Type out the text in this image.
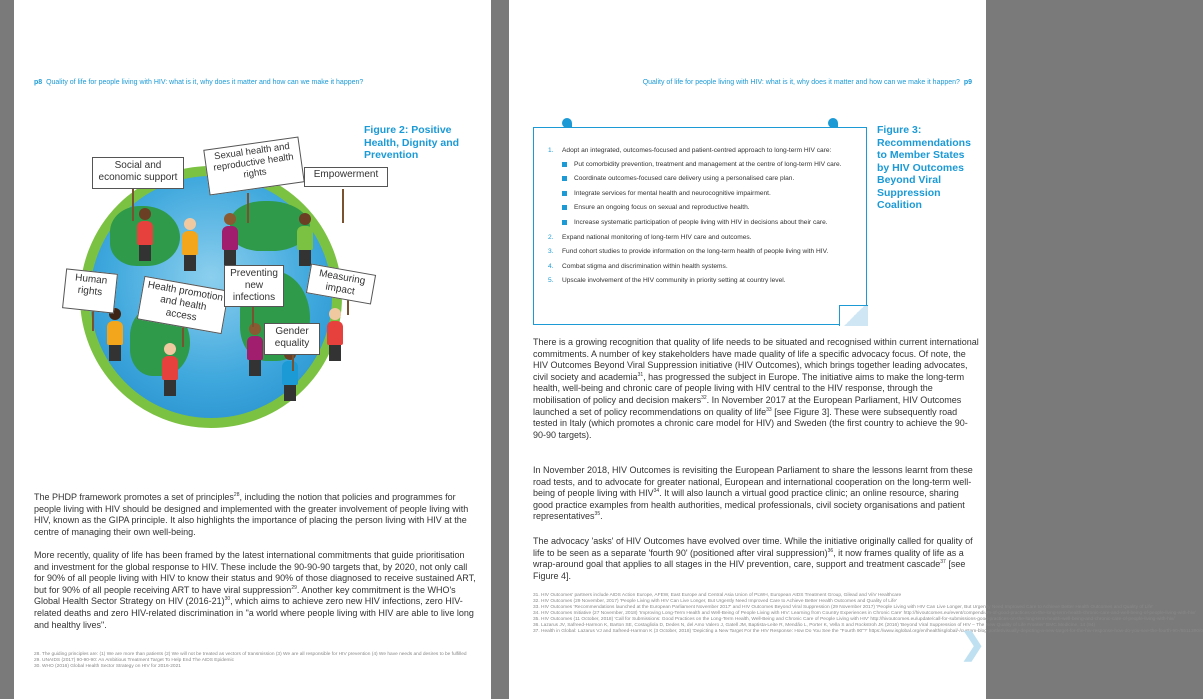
p8 Quality of life for people living with HIV: what is it, why does it matter and how can we make it happen?
Social and economic support
Sexual health and reproductive health rights	Empowerment
Human rights	Health promotion and health access
Preventing new infections
Measuring impact
Gender equality
Figure 2: Positive Health, Dignity and Prevention

The PHDP framework promotes a set of principles$^{28}$, including the notion that policies and programmes for people living with HIV should be designed and implemented with the greater involvement of people living with HIV, known as the GIPA principle. It also highlights the importance of placing the person living with HIV at the centre of managing their own well-being.

More recently, quality of life has been framed by the latest international commitments that guide prioritisation and investment for the global response to HIV. These include the 90-90-90 targets that, by 2020, not only call for 90% of all people living with HIV to know their status and 90% of those diagnosed to receive sustained ART, but for 90% of all people receiving ART to have viral suppression$^{29}$. Another key commitment is the WHO's Global Health Sector Strategy on HIV (2016-21)$^{30}$, which aims to achieve zero new HIV infections, zero HIV-related deaths and zero HIV-related discrimination in "a world where people living with HIV are able to live long and healthy lives".

28. The guiding principles are: (1) We are more than patients (2) We will not be treated as vectors of transmission (3) We are all responsible for HIV prevention (4) We have needs and desires to be fulfilled
29. UNAIDS (2017) 90-90-90: An Ambitious Treatment Target To Help End The AIDS Epidemic
30. WHO (2016) Global Health Sector Strategy on HIV for 2016-2021
Quality of life for people living with HIV: what is it, why does it matter and how can we make it happen? p9
1. Adopt an integrated, outcomes-focused and patient-centred approach to long-term HIV care:
Put comorbidity prevention, treatment and management at the centre of long-term HIV care.
Coordinate outcomes-focused care delivery using a personalised care plan.
Integrate services for mental health and neurocognitive impairment.
Ensure an ongoing focus on sexual and reproductive health.
Increase systematic participation of people living with HIV in decisions about their care.
2. Expand national monitoring of long-term HIV care and outcomes.
3. Fund cohort studies to provide information on the long-term health of people living with HIV.
4. Combat stigma and discrimination within health systems.
5. Upscale involvement of the HIV community in priority setting at country level.
Figure 3: Recommendations to Member States by HIV Outcomes Beyond Viral Suppression Coalition

There is a growing recognition that quality of life needs to be situated and recognised within current international commitments. A number of key stakeholders have made quality of life a specific advocacy focus. Of note, the HIV Outcomes Beyond Viral Suppression initiative (HIV Outcomes), which brings together leading advocates, civil society and academia$^{31}$, has progressed the subject in Europe. The initiative aims to make the long-term health, well-being and chronic care of people living with HIV central to the HIV response, through the mobilisation of policy and decision makers$^{32}$. In November 2017 at the European Parliament, HIV Outcomes launched a set of policy recommendations on quality of life$^{33}$ [see Figure 3]. These were subsequently road tested in Italy (which promotes a chronic care model for HIV) and Sweden (the first country to achieve the 90-90-90 targets).

In November 2018, HIV Outcomes is revisiting the European Parliament to share the lessons learnt from these road tests, and to advocate for greater national, European and international cooperation on the long-term well-being of people living with HIV$^{34}$. It will also launch a virtual good practice clinic; an online resource, sharing good practice examples from health authorities, medical professionals, civil society organisations and patient representatives$^{35}$.

The advocacy 'asks' of HIV Outcomes have evolved over time. While the initiative originally called for quality of life to be seen as a separate 'fourth 90' (positioned after viral suppression)$^{36}$, it now frames quality of life as a wrap-around goal that applies to all stages in the HIV prevention, care, support and treatment cascade$^{37}$ [see Figure 4].

31. HIV Outcomes' partners include AIDS Action Europe, AFEW, East Europe and Central Asia Union of PLWH, European AIDS Treatment Group, Gilead and ViiV Healthcare
32. HIV Outcomes (29 November, 2017) 'People Living with HIV Can Live Longer, But Urgently Need Improved Care to Achieve Better Health Outcomes and Quality of Life'
33. HIV Outcomes 'Recommendations launched at the European Parliament November 2017' and HIV Outcomes Beyond Viral Suppression (29 November 2017) 'People Living with HIV Can Live Longer, But Urgently Need Improved Care to Achieve Better Health Outcomes and Quality of Life'
34. HIV Outcomes Initiative (27 November, 2018) 'Improving Long-Term Health and Well-Being of People Living with HIV: Learning from Country Experiences in Chronic Care' http://hivoutcomes.eu/event/compendium-of-good-practices-on-the-long-term-health-chronic-care-and-well-being-of-people-living-with-hiv/
35. HIV Outcomes (11 October, 2018) 'Call for Submissions: Good Practices on the Long-Term Health, Well-Being and Chronic Care of People Living with HIV' http://hivoutcomes.eu/update/call-for-submissions-good-practices-on-the-long-term-health-well-being-and-chronic-care-of-people-living-with-hiv/
36. Lazarus JV, Safreed-Harmon K, Barton SE, Costagliola D, Dedes N, del Amo Valero J, Gatell JM, Baptista-Leite R, Mendão L, Porter K, Vella S and Rockstroh JK (2016) 'Beyond Viral Suppression of HIV – The New Quality of Life Frontier' BMC Medicine, 14 (94)
37. Health in Global: Lazarus VJ and Safreed-Harmon K (3 October, 2018) 'Depicting a New Target For the HIV Response: How Do You See the "Fourth 90"?' https://www.isglobal.org/en/healthisglobal/-/custom-blog-portlet/visually-depicting-a-new-target-for-the-hiv-response-how-do-you-see-the-fourth-90-/5511390/0
❯
